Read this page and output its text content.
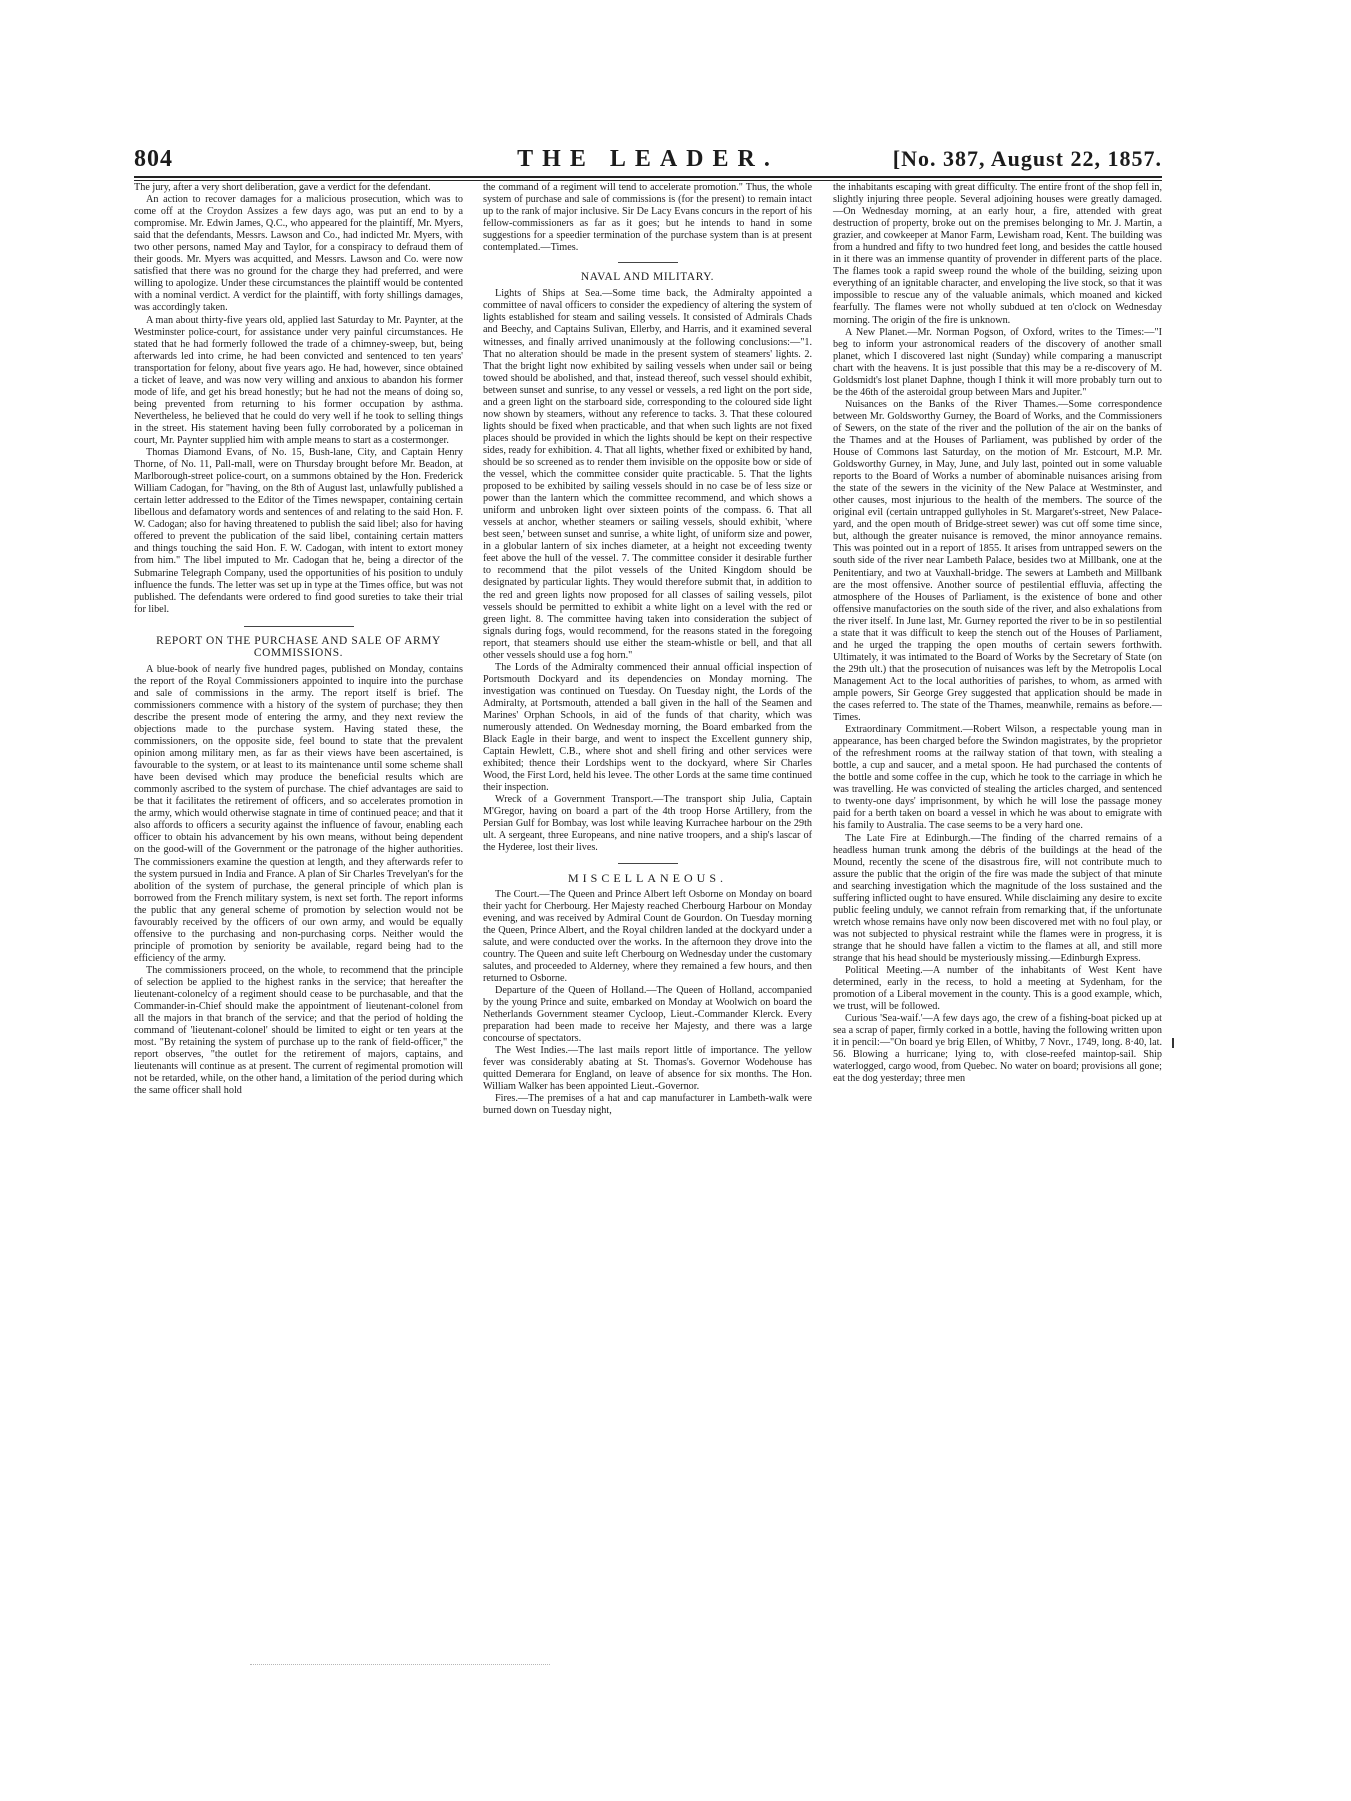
804	THE LEADER.	[No. 387, August 22, 1857.

The jury, after a very short deliberation, gave a verdict for the defendant.

An action to recover damages for a malicious prosecution, which was to come off at the Croydon Assizes a few days ago, was put an end to by a compromise. Mr. Edwin James, Q.C., who appeared for the plaintiff, Mr. Myers, said that the defendants, Messrs. Lawson and Co., had indicted Mr. Myers, with two other persons, named May and Taylor, for a conspiracy to defraud them of their goods. Mr. Myers was acquitted, and Messrs. Lawson and Co. were now satisfied that there was no ground for the charge they had preferred, and were willing to apologize. Under these circumstances the plaintiff would be contented with a nominal verdict. A verdict for the plaintiff, with forty shillings damages, was accordingly taken.

A man about thirty-five years old, applied last Saturday to Mr. Paynter, at the Westminster police-court, for assistance under very painful circumstances. He stated that he had formerly followed the trade of a chimney-sweep, but, being afterwards led into crime, he had been convicted and sentenced to ten years' transportation for felony, about five years ago. He had, however, since obtained a ticket of leave, and was now very willing and anxious to abandon his former mode of life, and get his bread honestly; but he had not the means of doing so, being prevented from returning to his former occupation by asthma. Nevertheless, he believed that he could do very well if he took to selling things in the street. His statement having been fully corroborated by a policeman in court, Mr. Paynter supplied him with ample means to start as a costermonger.

Thomas Diamond Evans, of No. 15, Bush-lane, City, and Captain Henry Thorne, of No. 11, Pall-mall, were on Thursday brought before Mr. Beadon, at Marlborough-street police-court, on a summons obtained by the Hon. Frederick William Cadogan, for "having, on the 8th of August last, unlawfully published a certain letter addressed to the Editor of the Times newspaper, containing certain libellous and defamatory words and sentences of and relating to the said Hon. F. W. Cadogan; also for having threatened to publish the said libel; also for having offered to prevent the publication of the said libel, containing certain matters and things touching the said Hon. F. W. Cadogan, with intent to extort money from him." The libel imputed to Mr. Cadogan that he, being a director of the Submarine Telegraph Company, used the opportunities of his position to unduly influence the funds. The letter was set up in type at the Times office, but was not published. The defendants were ordered to find good sureties to take their trial for libel.

REPORT ON THE PURCHASE AND SALE OF ARMY COMMISSIONS.

A blue-book of nearly five hundred pages, published on Monday, contains the report of the Royal Commissioners appointed to inquire into the purchase and sale of commissions in the army. The report itself is brief. The commissioners commence with a history of the system of purchase; they then describe the present mode of entering the army, and they next review the objections made to the purchase system. Having stated these, the commissioners, on the opposite side, feel bound to state that the prevalent opinion among military men, as far as their views have been ascertained, is favourable to the system, or at least to its maintenance until some scheme shall have been devised which may produce the beneficial results which are commonly ascribed to the system of purchase. The chief advantages are said to be that it facilitates the retirement of officers, and so accelerates promotion in the army, which would otherwise stagnate in time of continued peace; and that it also affords to officers a security against the influence of favour, enabling each officer to obtain his advancement by his own means, without being dependent on the good-will of the Government or the patronage of the higher authorities. The commissioners examine the question at length, and they afterwards refer to the system pursued in India and France. A plan of Sir Charles Trevelyan's for the abolition of the system of purchase, the general principle of which plan is borrowed from the French military system, is next set forth. The report informs the public that any general scheme of promotion by selection would not be favourably received by the officers of our own army, and would be equally offensive to the purchasing and non-purchasing corps. Neither would the principle of promotion by seniority be available, regard being had to the efficiency of the army.

The commissioners proceed, on the whole, to recommend that the principle of selection be applied to the highest ranks in the service; that hereafter the lieutenant-colonelcy of a regiment should cease to be purchasable, and that the Commander-in-Chief should make the appointment of lieutenant-colonel from all the majors in that branch of the service; and that the period of holding the command of 'lieutenant-colonel' should be limited to eight or ten years at the most. "By retaining the system of purchase up to the rank of field-officer," the report observes, "the outlet for the retirement of majors, captains, and lieutenants will continue as at present. The current of regimental promotion will not be retarded, while, on the other hand, a limitation of the period during which the same officer shall hold

the command of a regiment will tend to accelerate promotion." Thus, the whole system of purchase and sale of commissions is (for the present) to remain intact up to the rank of major inclusive. Sir De Lacy Evans concurs in the report of his fellow-commissioners as far as it goes; but he intends to hand in some suggestions for a speedier termination of the purchase system than is at present contemplated.—Times.

NAVAL AND MILITARY.

Lights of Ships at Sea.—Some time back, the Admiralty appointed a committee of naval officers to consider the expediency of altering the system of lights established for steam and sailing vessels. It consisted of Admirals Chads and Beechy, and Captains Sulivan, Ellerby, and Harris, and it examined several witnesses, and finally arrived unanimously at the following conclusions:—"1. That no alteration should be made in the present system of steamers' lights. 2. That the bright light now exhibited by sailing vessels when under sail or being towed should be abolished, and that, instead thereof, such vessel should exhibit, between sunset and sunrise, to any vessel or vessels, a red light on the port side, and a green light on the starboard side, corresponding to the coloured side light now shown by steamers, without any reference to tacks. 3. That these coloured lights should be fixed when practicable, and that when such lights are not fixed places should be provided in which the lights should be kept on their respective sides, ready for exhibition. 4. That all lights, whether fixed or exhibited by hand, should be so screened as to render them invisible on the opposite bow or side of the vessel, which the committee consider quite practicable. 5. That the lights proposed to be exhibited by sailing vessels should in no case be of less size or power than the lantern which the committee recommend, and which shows a uniform and unbroken light over sixteen points of the compass. 6. That all vessels at anchor, whether steamers or sailing vessels, should exhibit, 'where best seen,' between sunset and sunrise, a white light, of uniform size and power, in a globular lantern of six inches diameter, at a height not exceeding twenty feet above the hull of the vessel. 7. The committee consider it desirable further to recommend that the pilot vessels of the United Kingdom should be designated by particular lights. They would therefore submit that, in addition to the red and green lights now proposed for all classes of sailing vessels, pilot vessels should be permitted to exhibit a white light on a level with the red or green light. 8. The committee having taken into consideration the subject of signals during fogs, would recommend, for the reasons stated in the foregoing report, that steamers should use either the steam-whistle or bell, and that all other vessels should use a fog horn."

The Lords of the Admiralty commenced their annual official inspection of Portsmouth Dockyard and its dependencies on Monday morning. The investigation was continued on Tuesday. On Tuesday night, the Lords of the Admiralty, at Portsmouth, attended a ball given in the hall of the Seamen and Marines' Orphan Schools, in aid of the funds of that charity, which was numerously attended. On Wednesday morning, the Board embarked from the Black Eagle in their barge, and went to inspect the Excellent gunnery ship, Captain Hewlett, C.B., where shot and shell firing and other services were exhibited; thence their Lordships went to the dockyard, where Sir Charles Wood, the First Lord, held his levee. The other Lords at the same time continued their inspection.

Wreck of a Government Transport.—The transport ship Julia, Captain M'Gregor, having on board a part of the 4th troop Horse Artillery, from the Persian Gulf for Bombay, was lost while leaving Kurrachee harbour on the 29th ult. A sergeant, three Europeans, and nine native troopers, and a ship's lascar of the Hyderee, lost their lives.

MISCELLANEOUS.

The Court.—The Queen and Prince Albert left Osborne on Monday on board their yacht for Cherbourg. Her Majesty reached Cherbourg Harbour on Monday evening, and was received by Admiral Count de Gourdon. On Tuesday morning the Queen, Prince Albert, and the Royal children landed at the dockyard under a salute, and were conducted over the works. In the afternoon they drove into the country. The Queen and suite left Cherbourg on Wednesday under the customary salutes, and proceeded to Alderney, where they remained a few hours, and then returned to Osborne.

Departure of the Queen of Holland.—The Queen of Holland, accompanied by the young Prince and suite, embarked on Monday at Woolwich on board the Netherlands Government steamer Cycloop, Lieut.-Commander Klerck. Every preparation had been made to receive her Majesty, and there was a large concourse of spectators.

The West Indies.—The last mails report little of importance. The yellow fever was considerably abating at St. Thomas's. Governor Wodehouse has quitted Demerara for England, on leave of absence for six months. The Hon. William Walker has been appointed Lieut.-Governor.

Fires.—The premises of a hat and cap manufacturer in Lambeth-walk were burned down on Tuesday night,

the inhabitants escaping with great difficulty. The entire front of the shop fell in, slightly injuring three people. Several adjoining houses were greatly damaged. —On Wednesday morning, at an early hour, a fire, attended with great destruction of property, broke out on the premises belonging to Mr. J. Martin, a grazier, and cowkeeper at Manor Farm, Lewisham road, Kent. The building was from a hundred and fifty to two hundred feet long, and besides the cattle housed in it there was an immense quantity of provender in different parts of the place. The flames took a rapid sweep round the whole of the building, seizing upon everything of an ignitable character, and enveloping the live stock, so that it was impossible to rescue any of the valuable animals, which moaned and kicked fearfully. The flames were not wholly subdued at ten o'clock on Wednesday morning. The origin of the fire is unknown.

A New Planet.—Mr. Norman Pogson, of Oxford, writes to the Times:—"I beg to inform your astronomical readers of the discovery of another small planet, which I discovered last night (Sunday) while comparing a manuscript chart with the heavens. It is just possible that this may be a re-discovery of M. Goldsmidt's lost planet Daphne, though I think it will more probably turn out to be the 46th of the asteroidal group between Mars and Jupiter."

Nuisances on the Banks of the River Thames.—Some correspondence between Mr. Goldsworthy Gurney, the Board of Works, and the Commissioners of Sewers, on the state of the river and the pollution of the air on the banks of the Thames and at the Houses of Parliament, was published by order of the House of Commons last Saturday, on the motion of Mr. Estcourt, M.P. Mr. Goldsworthy Gurney, in May, June, and July last, pointed out in some valuable reports to the Board of Works a number of abominable nuisances arising from the state of the sewers in the vicinity of the New Palace at Westminster, and other causes, most injurious to the health of the members. The source of the original evil (certain untrapped gullyholes in St. Margaret's-street, New Palace-yard, and the open mouth of Bridge-street sewer) was cut off some time since, but, although the greater nuisance is removed, the minor annoyance remains. This was pointed out in a report of 1855. It arises from untrapped sewers on the south side of the river near Lambeth Palace, besides two at Millbank, one at the Penitentiary, and two at Vauxhall-bridge. The sewers at Lambeth and Millbank are the most offensive. Another source of pestilential effluvia, affecting the atmosphere of the Houses of Parliament, is the existence of bone and other offensive manufactories on the south side of the river, and also exhalations from the river itself. In June last, Mr. Gurney reported the river to be in so pestilential a state that it was difficult to keep the stench out of the Houses of Parliament, and he urged the trapping the open mouths of certain sewers forthwith. Ultimately, it was intimated to the Board of Works by the Secretary of State (on the 29th ult.) that the prosecution of nuisances was left by the Metropolis Local Management Act to the local authorities of parishes, to whom, as armed with ample powers, Sir George Grey suggested that application should be made in the cases referred to. The state of the Thames, meanwhile, remains as before.—Times.

Extraordinary Commitment.—Robert Wilson, a respectable young man in appearance, has been charged before the Swindon magistrates, by the proprietor of the refreshment rooms at the railway station of that town, with stealing a bottle, a cup and saucer, and a metal spoon. He had purchased the contents of the bottle and some coffee in the cup, which he took to the carriage in which he was travelling. He was convicted of stealing the articles charged, and sentenced to twenty-one days' imprisonment, by which he will lose the passage money paid for a berth taken on board a vessel in which he was about to emigrate with his family to Australia. The case seems to be a very hard one.

The Late Fire at Edinburgh.—The finding of the charred remains of a headless human trunk among the débris of the buildings at the head of the Mound, recently the scene of the disastrous fire, will not contribute much to assure the public that the origin of the fire was made the subject of that minute and searching investigation which the magnitude of the loss sustained and the suffering inflicted ought to have ensured. While disclaiming any desire to excite public feeling unduly, we cannot refrain from remarking that, if the unfortunate wretch whose remains have only now been discovered met with no foul play, or was not subjected to physical restraint while the flames were in progress, it is strange that he should have fallen a victim to the flames at all, and still more strange that his head should be mysteriously missing.—Edinburgh Express.

Political Meeting.—A number of the inhabitants of West Kent have determined, early in the recess, to hold a meeting at Sydenham, for the promotion of a Liberal movement in the county. This is a good example, which, we trust, will be followed.

Curious 'Sea-waif.'—A few days ago, the crew of a fishing-boat picked up at sea a scrap of paper, firmly corked in a bottle, having the following written upon it in pencil:—"On board ye brig Ellen, of Whitby, 7 Novr., 1749, long. 8·40, lat. 56. Blowing a hurricane; lying to, with close-reefed maintop-sail. Ship waterlogged, cargo wood, from Quebec. No water on board; provisions all gone; eat the dog yesterday; three men
